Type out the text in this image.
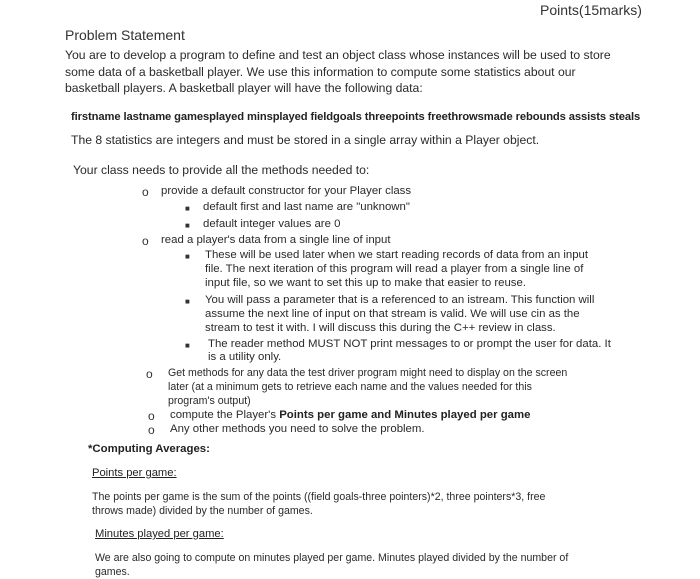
Points(15marks)
Problem Statement
You are to develop a program to define and test an object class whose instances will be used to store
some data of a basketball player. We use this information to compute some statistics about our
basketball players. A basketball player will have the following data:
firstname lastname gamesplayed minsplayed fieldgoals threepoints freethrowsmade rebounds assists steals
The 8 statistics are integers and must be stored in a single array within a Player object.
Your class needs to provide all the methods needed to:
o provide a default constructor for your Player class
■ default first and last name are "unknown"
■ default integer values are 0
o read a player's data from a single line of input
■ These will be used later when we start reading records of data from an input
file. The next iteration of this program will read a player from a single line of
input file, so we want to set this up to make that easier to reuse.
■ You will pass a parameter that is a referenced to an istream. This function will
assume the next line of input on that stream is valid. We will use cin as the
stream to test it with. I will discuss this during the C++ review in class.
■ The reader method MUST NOT print messages to or prompt the user for data. It
is a utility only.
o Get methods for any data the test driver program might need to display on the screen
later (at a minimum gets to retrieve each name and the values needed for this
program's output)
o compute the Player's Points per game and Minutes played per game
o Any other methods you need to solve the problem.
*Computing Averages:
Points per game:
The points per game is the sum of the points ((field goals-three pointers)*2, three pointers*3, free
throws made) divided by the number of games.
Minutes played per game:
We are also going to compute on minutes played per game. Minutes played divided by the number of
games.
